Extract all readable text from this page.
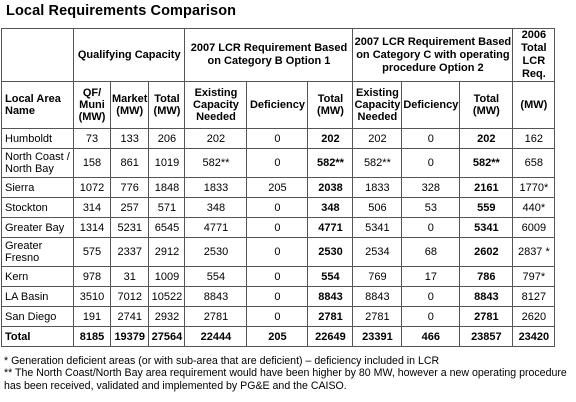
Local Requirements Comparison
	Qualifying Capacity			2007 LCR Requirement Based on Category B Option 1			2007 LCR Requirement Based on Category C with operating procedure Option 2			2006 Total LCR Req.
Local Area Name	QF/ Muni (MW)	Market (MW)	Total (MW)	Existing Capacity Needed	Deficiency	Total (MW)	Existing Capacity Needed	Deficiency	Total (MW)	(MW)
Humboldt	73	133	206	202	0	202	202	0	202	162
North Coast / North Bay	158	861	1019	582**	0	582**	582**	0	582**	658
Sierra	1072	776	1848	1833	205	2038	1833	328	2161	1770*
Stockton	314	257	571	348	0	348	506	53	559	440*
Greater Bay	1314	5231	6545	4771	0	4771	5341	0	5341	6009
Greater Fresno	575	2337	2912	2530	0	2530	2534	68	2602	2837 *
Kern	978	31	1009	554	0	554	769	17	786	797*
LA Basin	3510	7012	10522	8843	0	8843	8843	0	8843	8127
San Diego	191	2741	2932	2781	0	2781	2781	0	2781	2620
Total	8185	19379	27564	22444	205	22649	23391	466	23857	23420
* Generation deficient areas (or with sub-area that are deficient) – deficiency included in LCR
** The North Coast/North Bay area requirement would have been higher by 80 MW, however a new operating procedure has been received, validated and implemented by PG&E and the CAISO.
